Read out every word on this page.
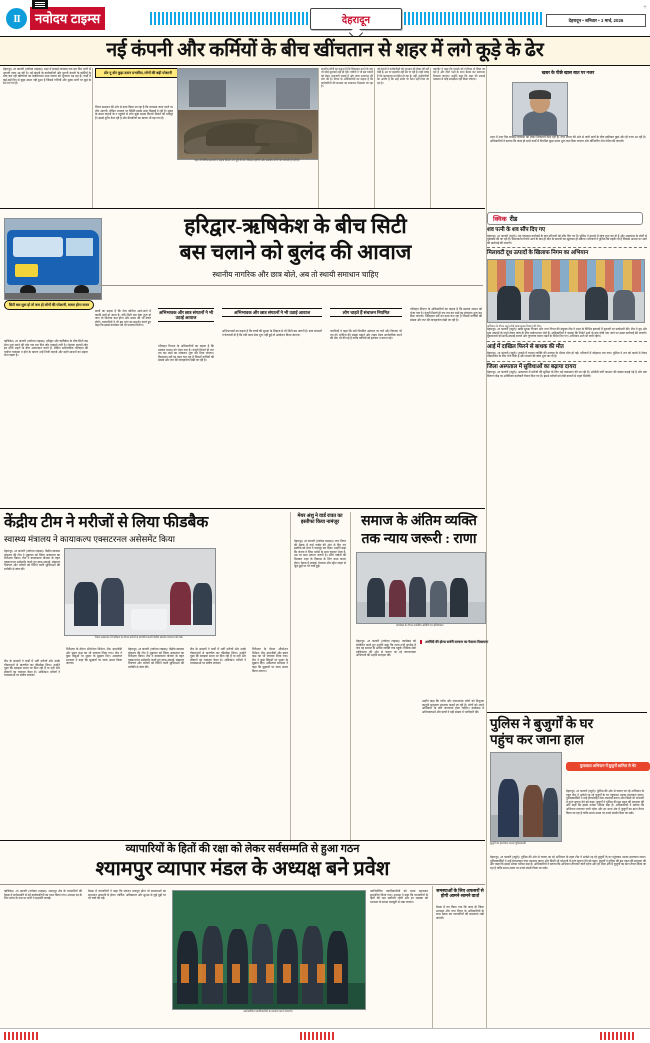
II
A WORLD TIME
नवोदय टाइम्स	देहरादून	देहरादून • शनिवार • 1 मार्च, 2026
+
नई कंपनी और कर्मियों के बीच खींचतान से शहर में लगे कूड़े के ढेर
देहरादून, 28 फरवरी (नवोदय टाइम्स)। शहर में सफाई व्यवस्था एक बार फिर पटरी से उतरती नजर आ रही है। नई कंपनी के कर्मचारियों और पुरानी कंपनी के कर्मियों के बीच चल रही खींचतान का खामियाजा आम जनता को भुगतना पड़ रहा है। वार्डों में कई-कई दिन से कूड़ा उठान नहीं हुआ है जिससे गलियों और मुख्य मार्गों पर कूड़े के ढेर लग गए हैं।
डोर-टू-डोर कूड़ा उठान प्रभावित, लोगों की बढ़ी परेशानी
निगम प्रशासन की ओर से दावा किया जा रहा है कि व्यवस्था जल्द पटरी पर लौट आएगी, लेकिन धरातल पर स्थिति इसके उलट दिखाई दे रही है। सुबह के समय वाहनों के न पहुंचने से लोग कूड़ा सड़क किनारे फेंकने को मजबूर हैं। इससे दुर्गंध फैल रही है और बीमारियों का खतरा भी बढ़ गया है।
शहर के विभिन्न इलाकों में सड़क किनारे लगे कूड़े के ढेर, जिससे राहगीरों और स्थानीय लोगों को परेशानी हो रही है।
स्थानीय लोगों का कहना है कि शिकायत करने के बाद भी कोई सुनवाई नहीं हो रही। पार्षदों ने भी इस मामले को लेकर नाराजगी जताई है और जल्द समाधान की मांग की है। निगम के अधिकारियों का कहना है कि कर्मचारियों की समस्या का समाधान निकाला जा रहा है।
नई कंपनी ने कर्मचारियों को भुगतान को लेकर जो शर्तें रखी हैं, उन पर सहमति नहीं बन पा रही है। यही वजह है कि कामकाज प्रभावित हो रहा है। वहीं, कर्मचारियों का आरोप है कि उन्हें समय पर वेतन नहीं दिया जा रहा है।
महापौर ने कहा कि मामले को गंभीरता से लिया जा रहा है और दोनों पक्षों के साथ बैठक कर समाधान निकाला जाएगा। उन्होंने कहा कि शहर की सफाई व्यवस्था से कोई समझौता नहीं किया जाएगा।
खबर के पीछे खास बात पर नजर
शहर में आए दिन सफाई व्यवस्था को लेकर शिकायतें मिल रही हैं। नगर निगम की ओर से जारी दावों के बीच हकीकत कुछ और ही नजर आ रही है। अधिकारियों ने बताया कि जल्द ही सभी वार्डों में नियमित कूड़ा उठान शुरू करा दिया जाएगा और मॉनिटरिंग टीम गठित की जाएगी।
सिटी बस शुरू हो तो कम हो लोगों की परेशानी, सस्ता होगा सफर
हरिद्वार-ऋषिकेश के बीच सिटी
बस चलाने को बुलंद की आवाज
स्थानीय नागरिक और छात्र बोले, अब तो स्थायी समाधान चाहिए
ऋषिकेश, 28 फरवरी (नवोदय टाइम्स)। हरिद्वार और ऋषिकेश के बीच सिटी बस सेवा शुरू करने की मांग एक बार फिर जोर पकड़ने लगी है। रोजाना हजारों लोग इन दोनों शहरों के बीच आवागमन करते हैं, लेकिन सार्वजनिक परिवहन की पर्याप्त व्यवस्था न होने के कारण उन्हें निजी वाहनों और महंगे साधनों का सहारा लेना पड़ता है।
छात्रों का कहना है कि रोज कॉलेज आने-जाने में काफी खर्च हो जाता है। यदि सिटी बस सेवा शुरू हो जाए तो किराया कम होगा और समय की भी बचत होगी। व्यापारियों ने भी इस मांग का समर्थन करते हुए कहा कि इससे कारोबार को भी फायदा मिलेगा।
परिवहन विभाग के अधिकारियों का कहना है कि प्रस्ताव शासन को भेजा गया है। मंजूरी मिलते ही रूट तय कर बसों का संचालन शुरू कर दिया जाएगा। फिलहाल सर्वे का काम चल रहा है जिसमें यात्रियों की संख्या और रूट की व्यवहार्यता देखी जा रही है।
अभिभावक और छात्र संगठनों ने भी उठाई आवाज
अभिभावक और छात्र संगठनों ने भी उठाई आवाज
अभिभावकों का कहना है कि बच्चों की सुरक्षा के लिहाज से भी सिटी बस जरूरी है। छात्र संगठनों ने चेतावनी दी है कि यदि जल्द सेवा शुरू नहीं हुई तो आंदोलन किया जाएगा।
लोग चाहते हैं संचालन नियमित
नागरिकों ने कहा कि बसें नियमित अंतराल पर चलें और किराया भी तय हो। स्टॉपेज की संख्या बढ़ाने और टाइम टेबल सार्वजनिक करने की मांग भी की गई है ताकि यात्रियों को इंतजार न करना पड़े।
परिवहन विभाग के अधिकारियों का कहना है कि प्रस्ताव शासन को भेजा गया है। मंजूरी मिलते ही रूट तय कर बसों का संचालन शुरू कर दिया जाएगा। फिलहाल सर्वे का काम चल रहा है जिसमें यात्रियों की संख्या और रूट की व्यवहार्यता देखी जा रही है।
केंद्रीय टीम ने मरीजों से लिया फीडबैक
स्वास्थ्य मंत्रालय ने कायाकल्प एक्सटरनल असेसमेंट किया
देहरादून, 28 फरवरी (नवोदय टाइम्स)। केंद्रीय स्वास्थ्य मंत्रालय की टीम ने शुक्रवार को जिला अस्पताल का निरीक्षण किया। टीम ने कायाकल्प योजना के तहत एक्सटरनल असेसमेंट करते हुए साफ-सफाई, संक्रमण नियंत्रण और मरीजों को मिलने वाली सुविधाओं की बारीकी से जांच की।
जिला अस्पताल में निरीक्षण के दौरान मरीजों से बातचीत करती केंद्रीय स्वास्थ्य मंत्रालय की टीम।
टीम के सदस्यों ने वार्डों में भर्ती मरीजों और उनके तीमारदारों से बातचीत कर फीडबैक लिया। उन्होंने पूछा कि दवाइयां समय पर मिल रही हैं या नहीं और डॉक्टरों का व्यवहार कैसा है। अधिकांश मरीजों ने व्यवस्थाओं पर संतोष जताया।
निरीक्षण के दौरान ऑपरेशन थियेटर, लैब, इमरजेंसी और प्रसव कक्ष का भी जायजा लिया गया। टीम ने कुछ बिंदुओं पर सुधार के सुझाव दिए। अस्पताल प्रशासन ने कहा कि सुझावों पर जल्द अमल किया जाएगा।
देहरादून, 28 फरवरी (नवोदय टाइम्स)। केंद्रीय स्वास्थ्य मंत्रालय की टीम ने शुक्रवार को जिला अस्पताल का निरीक्षण किया। टीम ने कायाकल्प योजना के तहत एक्सटरनल असेसमेंट करते हुए साफ-सफाई, संक्रमण नियंत्रण और मरीजों को मिलने वाली सुविधाओं की बारीकी से जांच की।
टीम के सदस्यों ने वार्डों में भर्ती मरीजों और उनके तीमारदारों से बातचीत कर फीडबैक लिया। उन्होंने पूछा कि दवाइयां समय पर मिल रही हैं या नहीं और डॉक्टरों का व्यवहार कैसा है। अधिकांश मरीजों ने व्यवस्थाओं पर संतोष जताया।
निरीक्षण के दौरान ऑपरेशन थियेटर, लैब, इमरजेंसी और प्रसव कक्ष का भी जायजा लिया गया। टीम ने कुछ बिंदुओं पर सुधार के सुझाव दिए। अस्पताल प्रशासन ने कहा कि सुझावों पर जल्द अमल किया जाएगा।
मेयर अंशु ने वार्ड रावत का इस्तीफा किया नामंजूर
देहरादून, 28 फरवरी (नवोदय टाइम्स)। नगर निगम की बैठक में वार्ड पार्षद की ओर से दिए गए इस्तीफे को मेयर ने नामंजूर कर दिया। उन्होंने कहा कि जनता ने जिस भरोसे के साथ चुनकर भेजा है, उस पर खरा उतरना जरूरी है। सभी पार्षदों को मिलकर शहर के विकास के लिए काम करना होगा। बैठक में सफाई, पेयजल और स्ट्रीट लाइट से जुड़े मुद्दों पर भी चर्चा हुई।
समाज के अंतिम व्यक्ति
तक न्याय जरूरी : राणा
कार्यक्रम के दौरान उपस्थित अतिथि एवं अधिवक्ता।
देहरादून, 28 फरवरी (नवोदय टाइम्स)। कार्यक्रम को संबोधित करते हुए उन्होंने कहा कि न्याय तभी सार्थक है जब वह समाज के अंतिम व्यक्ति तक पहुंचे। विधिक सेवा प्राधिकरण की ओर से चलाए जा रहे जागरूकता अभियानों की उन्होंने सराहना की।
उन्होंने कहा कि गरीब और जरूरतमंद लोगों को निशुल्क कानूनी सहायता उपलब्ध कराई जा रही है। लोगों को अपने अधिकारों के प्रति जागरूक होना चाहिए। कार्यक्रम में अधिवक्ताओं और छात्रों ने बड़ी संख्या में भागीदारी की।
अरविंदी की होल्ड सर्जरी सरकार का फैसला दिखाएगा
व्यापारियों के हितों की रक्षा को लेकर सर्वसम्मति से हुआ गठन
श्यामपुर व्यापार मंडल के अध्यक्ष बने प्रवेश
ऋषिकेश, 28 फरवरी (नवोदय टाइम्स)। श्यामपुर क्षेत्र के व्यापारियों की बैठक में सर्वसम्मति से नई कार्यकारिणी का गठन किया गया। अध्यक्ष पद के लिए प्रवेश के नाम पर सभी ने सहमति जताई।
बैठक में व्यापारियों ने कहा कि संगठन मजबूत होगा तो समस्याओं का समाधान आसानी से होगा। पार्किंग, अतिक्रमण और सुरक्षा से जुड़े मुद्दों पर भी चर्चा की गई।
नवनिर्वाचित पदाधिकारियों का स्वागत करते व्यापारी।
नवनिर्वाचित पदाधिकारियों को माला पहनाकर सम्मानित किया गया। अध्यक्ष ने कहा कि व्यापारियों के हितों की रक्षा सर्वोपरि रहेगी और हर समस्या को प्रशासन के समक्ष मजबूती से रखा जाएगा।
समस्याओं के लिए अफसरों से होगी आमने-सामने वार्ता
बैठक में तय किया गया कि जल्द ही जिला प्रशासन और नगर निगम के अधिकारियों के साथ बैठक कर व्यापारियों की समस्याएं रखी जाएंगी।
क्विक रीड
शव पत्नी के शव सौंप दिए गए
देहरादून, 28 फरवरी (ब्यूरो)। शव पंचनामा कार्रवाई के बाद परिजनों को सौंप दिए गए हैं। पुलिस ने मामले में जांच शुरू कर दी है और आसपास के लोगों से पूछताछ की जा रही है। पोस्टमार्टम रिपोर्ट आने के बाद ही मौत के कारणों का खुलासा हो सकेगा। परिजनों ने पुलिस को तहरीर दी है जिसके आधार पर आगे की कार्रवाई की जाएगी।
मिलावटी दूध उत्पादों के खिलाफ निगम का अभियान
अभियान के दौरान नमूने लेती खाद्य सुरक्षा विभाग की टीम।
देहरादून, 28 फरवरी (ब्यूरो)। खाद्य सुरक्षा विभाग और नगर निगम की संयुक्त टीम ने शहर के विभिन्न इलाकों में दुकानों पर छापेमारी की। टीम ने दूध और दुग्ध उत्पादों के नमूने लेकर जांच के लिए प्रयोगशाला भेजे हैं। अधिकारियों ने बताया कि रिपोर्ट आने के बाद दोषी पाए जाने पर सख्त कार्रवाई की जाएगी। दुकानदारों को साफ-सफाई बरतने और गुणवत्ता बनाए रखने के निर्देश दिए गए। अभियान आगे भी जारी रहेगा।
आई में दाखिल फिरने से बाधक की मौत
देहरादून, 28 फरवरी (ब्यूरो)। हादसे में घायल व्यक्ति की उपचार के दौरान मौत हो गई। परिजनों में कोहराम मच गया। पुलिस ने शव को कब्जे में लेकर पोस्टमार्टम के लिए भेज दिया है और मामले की जांच शुरू कर दी है।
जिला अस्पताल में सुविधाओं का बढ़ाया दायरा
देहरादून, 28 फरवरी (ब्यूरो)। अस्पताल में मरीजों की सुविधा के लिए नई व्यवस्थाएं की जा रही हैं। ओपीडी पर्ची काउंटर की संख्या बढ़ाई गई है और दवा वितरण केंद्र पर अतिरिक्त कर्मचारी तैनात किए गए हैं। इससे मरीजों को लंबी कतारों से राहत मिलेगी।
पुलिस ने बुजुर्गों के घर
पहुंच कर जाना हाल
मुलाकात अभियान में बुजुर्गों शामिल से भेंट
देहरादून, 28 फरवरी (ब्यूरो)। पुलिस की ओर से चलाए जा रहे अभियान के तहत टीम ने अकेले रह रहे बुजुर्गों के घर पहुंचकर उनका हालचाल जाना। पुलिसकर्मियों ने उन्हें हेल्पलाइन नंबर उपलब्ध कराए और किसी भी परेशानी में तुरंत सूचना देने को कहा। बुजुर्गों ने पुलिस की इस पहल की सराहना की और कहा कि इससे उनका भरोसा बढ़ा है। अधिकारियों ने बताया कि अभियान लगातार जारी रहेगा और हर थाना क्षेत्र में बुजुर्गों का डाटा तैयार किया जा रहा है ताकि समय-समय पर उनसे संपर्क किया जा सके।
बुजुर्गों का हालचाल जानते पुलिसकर्मी।
देहरादून, 28 फरवरी (ब्यूरो)। पुलिस की ओर से चलाए जा रहे अभियान के तहत टीम ने अकेले रह रहे बुजुर्गों के घर पहुंचकर उनका हालचाल जाना। पुलिसकर्मियों ने उन्हें हेल्पलाइन नंबर उपलब्ध कराए और किसी भी परेशानी में तुरंत सूचना देने को कहा। बुजुर्गों ने पुलिस की इस पहल की सराहना की और कहा कि इससे उनका भरोसा बढ़ा है। अधिकारियों ने बताया कि अभियान लगातार जारी रहेगा और हर थाना क्षेत्र में बुजुर्गों का डाटा तैयार किया जा रहा है ताकि समय-समय पर उनसे संपर्क किया जा सके।
